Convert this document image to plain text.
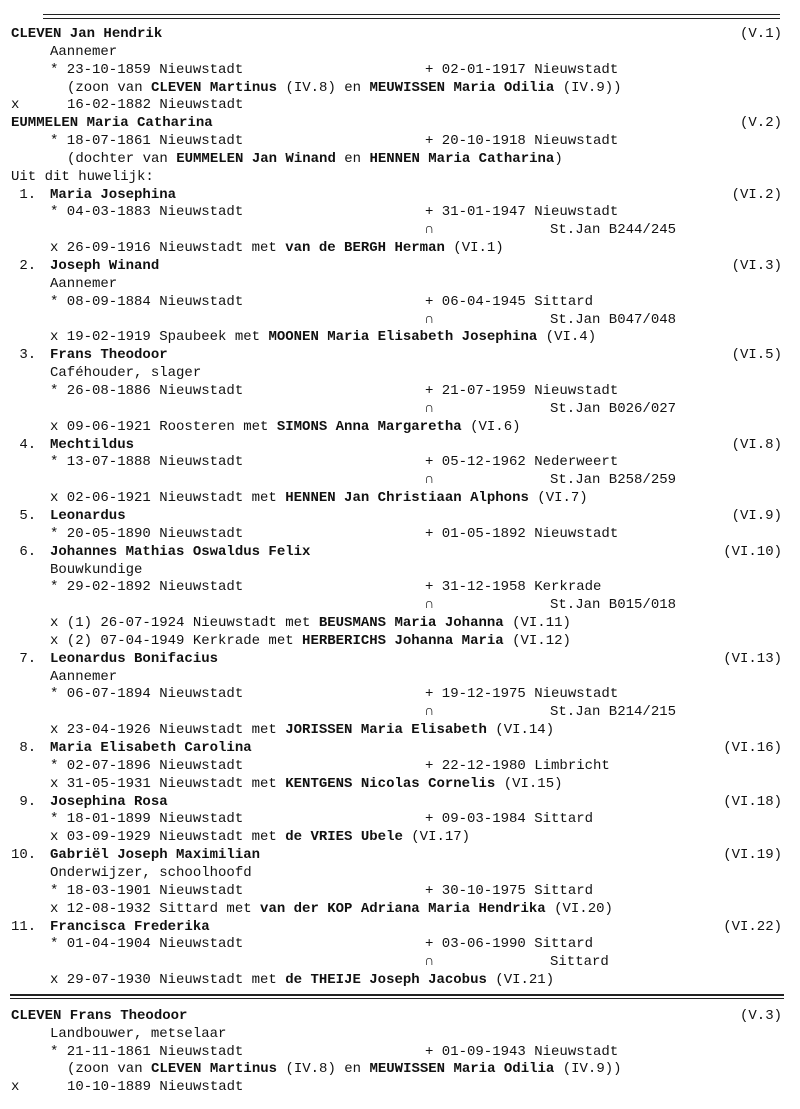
CLEVEN Jan Hendrik	(V.1)
Aannemer
* 23-10-1859 Nieuwstadt	+ 02-01-1917 Nieuwstadt
(zoon van CLEVEN Martinus (IV.8) en MEUWISSEN Maria Odilia (IV.9))
x	16-02-1882 Nieuwstadt
EUMMELEN Maria Catharina	(V.2)
* 18-07-1861 Nieuwstadt	+ 20-10-1918 Nieuwstadt
(dochter van EUMMELEN Jan Winand en HENNEN Maria Catharina)
Uit dit huwelijk:
1. Maria Josephina	(VI.2)
* 04-03-1883 Nieuwstadt	+ 31-01-1947 Nieuwstadt
∩	St.Jan B244/245
x 26-09-1916 Nieuwstadt met van de BERGH Herman (VI.1)
2. Joseph Winand	(VI.3)
Aannemer
* 08-09-1884 Nieuwstadt	+ 06-04-1945 Sittard
∩	St.Jan B047/048
x 19-02-1919 Spaubeek met MOONEN Maria Elisabeth Josephina (VI.4)
3. Frans Theodoor	(VI.5)
Caféhouder, slager
* 26-08-1886 Nieuwstadt	+ 21-07-1959 Nieuwstadt
∩	St.Jan B026/027
x 09-06-1921 Roosteren met SIMONS Anna Margaretha (VI.6)
4. Mechtildus	(VI.8)
* 13-07-1888 Nieuwstadt	+ 05-12-1962 Nederweert
∩	St.Jan B258/259
x 02-06-1921 Nieuwstadt met HENNEN Jan Christiaan Alphons (VI.7)
5. Leonardus	(VI.9)
* 20-05-1890 Nieuwstadt	+ 01-05-1892 Nieuwstadt
6. Johannes Mathias Oswaldus Felix	(VI.10)
Bouwkundige
* 29-02-1892 Nieuwstadt	+ 31-12-1958 Kerkrade
∩	St.Jan B015/018
x (1) 26-07-1924 Nieuwstadt met BEUSMANS Maria Johanna (VI.11)
x (2) 07-04-1949 Kerkrade met HERBERICHS Johanna Maria (VI.12)
7. Leonardus Bonifacius	(VI.13)
Aannemer
* 06-07-1894 Nieuwstadt	+ 19-12-1975 Nieuwstadt
∩	St.Jan B214/215
x 23-04-1926 Nieuwstadt met JORISSEN Maria Elisabeth (VI.14)
8. Maria Elisabeth Carolina	(VI.16)
* 02-07-1896 Nieuwstadt	+ 22-12-1980 Limbricht
x 31-05-1931 Nieuwstadt met KENTGENS Nicolas Cornelis (VI.15)
9. Josephina Rosa	(VI.18)
* 18-01-1899 Nieuwstadt	+ 09-03-1984 Sittard
x 03-09-1929 Nieuwstadt met de VRIES Ubele (VI.17)
10. Gabriël Joseph Maximilian	(VI.19)
Onderwijzer, schoolhoofd
* 18-03-1901 Nieuwstadt	+ 30-10-1975 Sittard
x 12-08-1932 Sittard met van der KOP Adriana Maria Hendrika (VI.20)
11. Francisca Frederika	(VI.22)
* 01-04-1904 Nieuwstadt	+ 03-06-1990 Sittard
∩	Sittard
x 29-07-1930 Nieuwstadt met de THEIJE Joseph Jacobus (VI.21)
CLEVEN Frans Theodoor	(V.3)
Landbouwer, metselaar
* 21-11-1861 Nieuwstadt	+ 01-09-1943 Nieuwstadt
(zoon van CLEVEN Martinus (IV.8) en MEUWISSEN Maria Odilia (IV.9))
x	10-10-1889 Nieuwstadt
